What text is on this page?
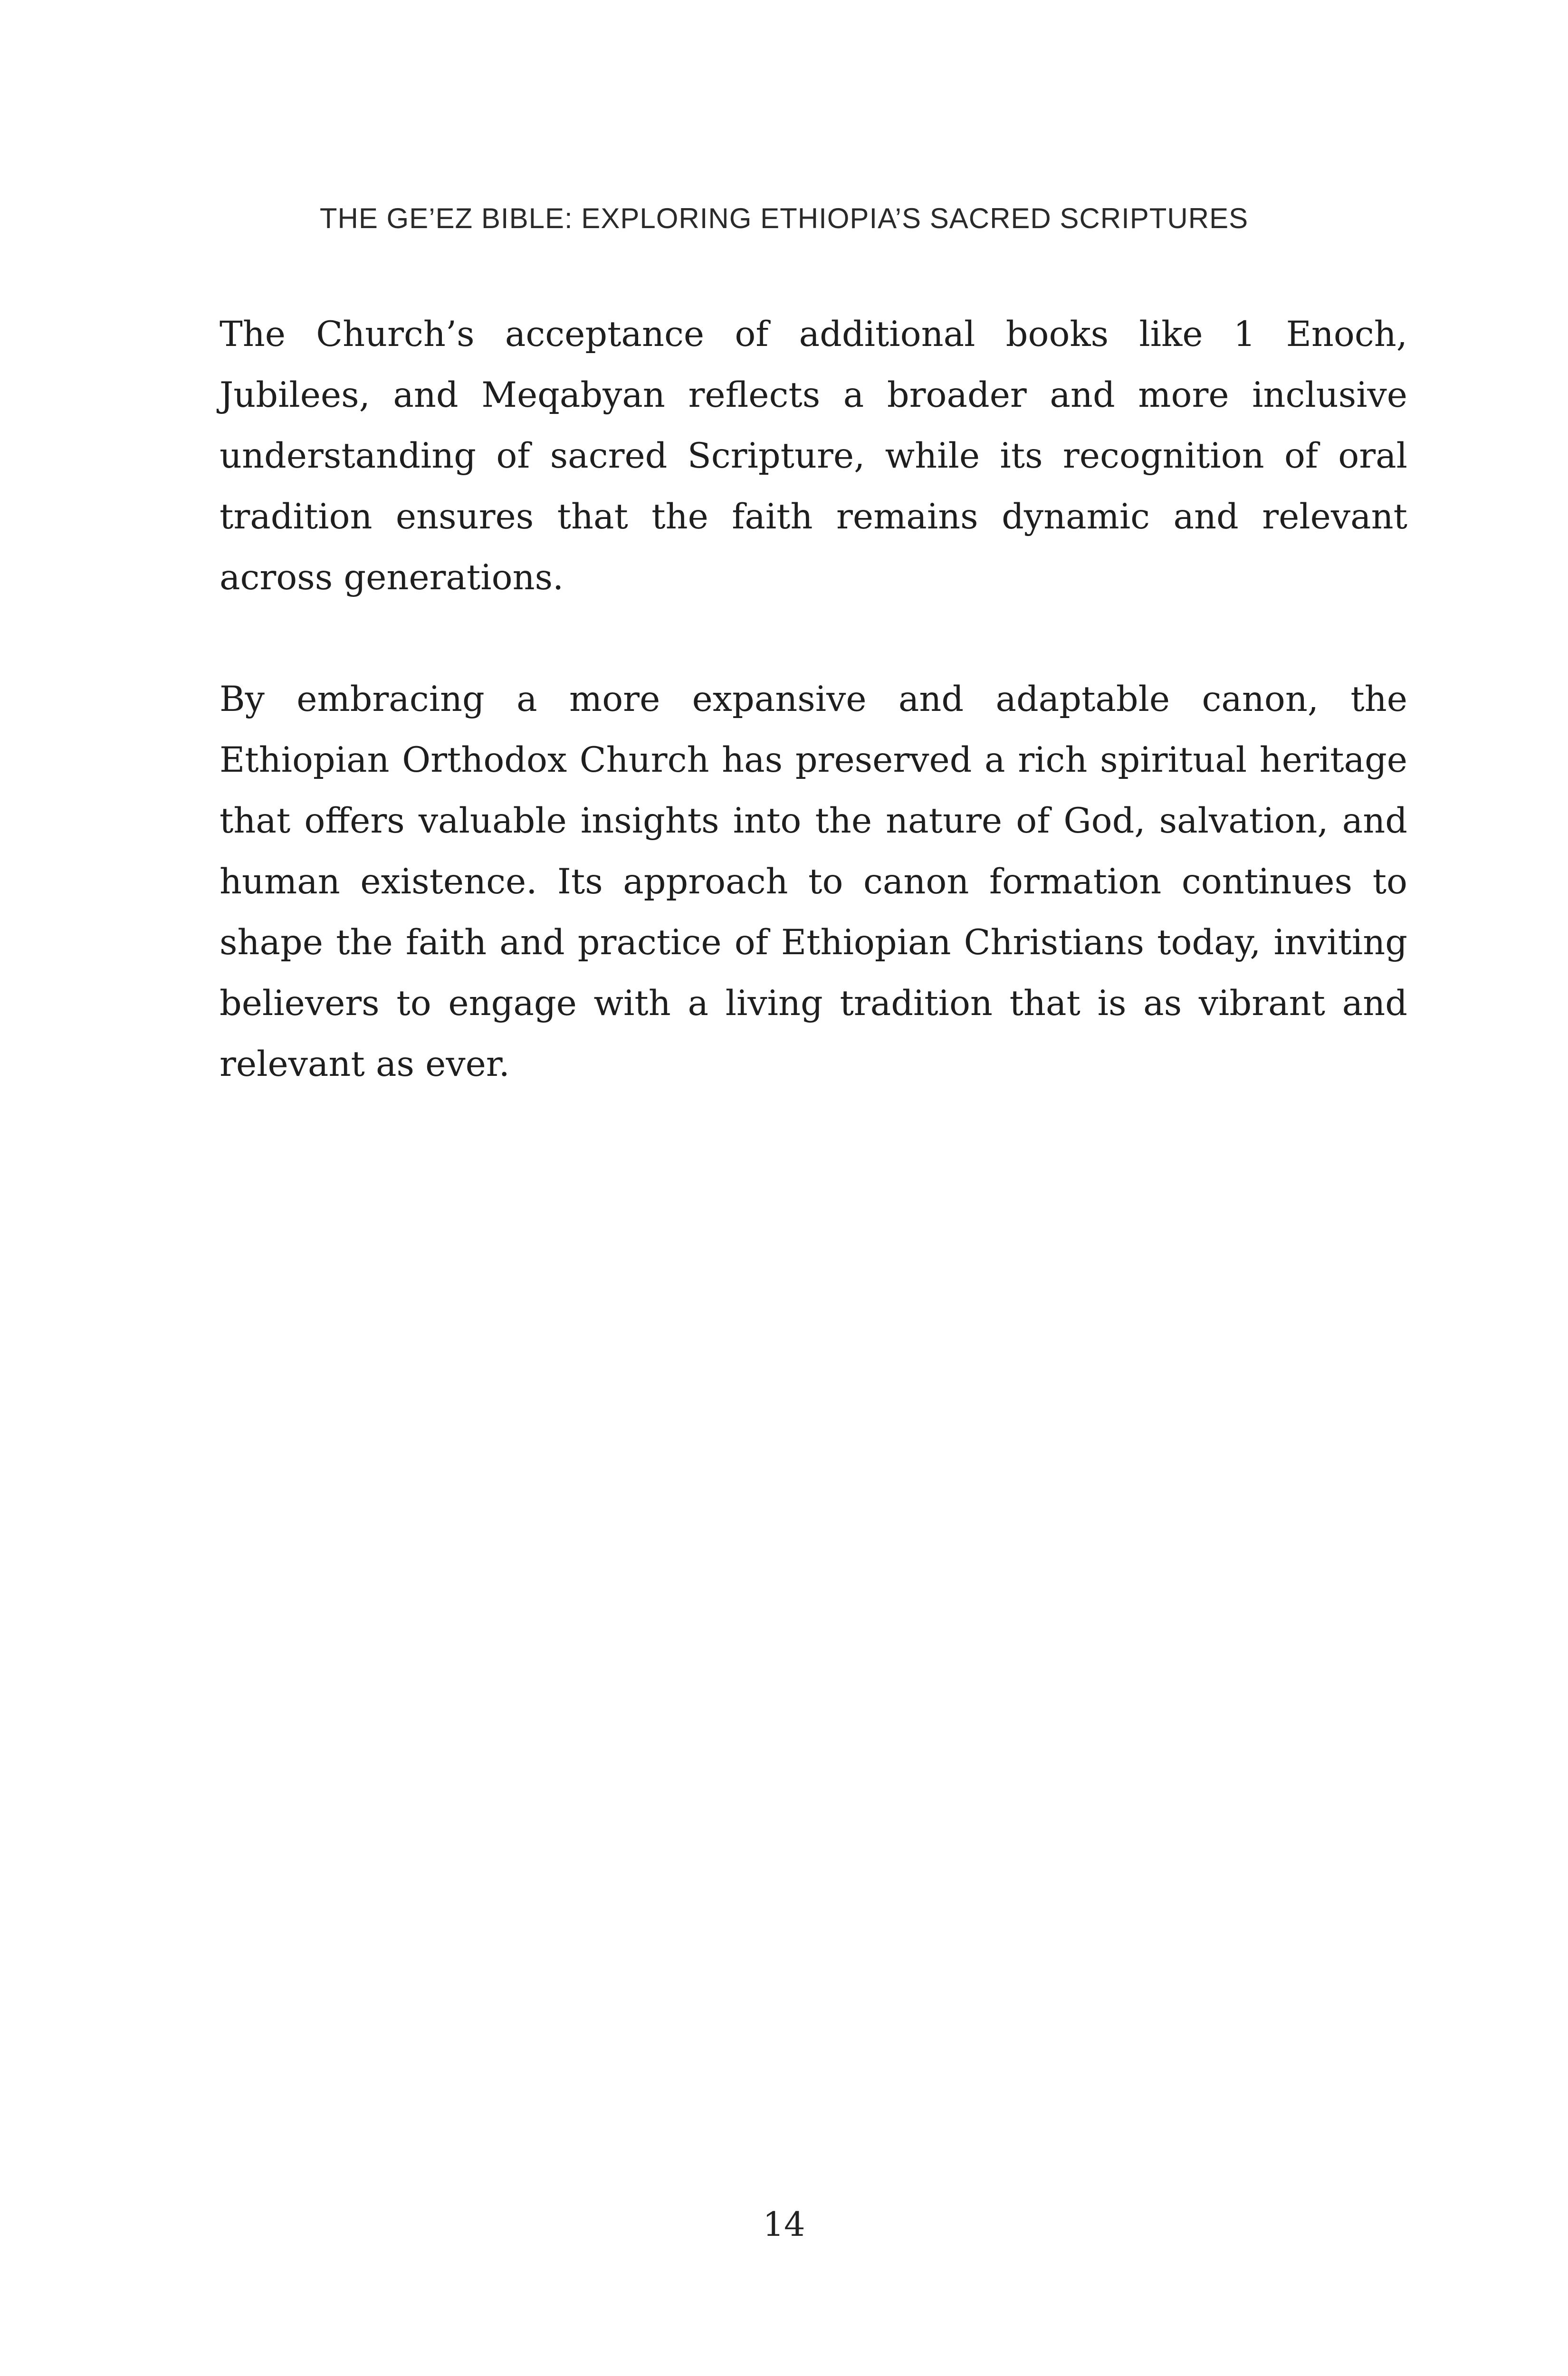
THE GE’EZ BIBLE: EXPLORING ETHIOPIA’S SACRED SCRIPTURES

The Church’s acceptance of additional books like 1 Enoch, Jubilees, and Meqabyan reflects a broader and more inclusive understanding of sacred Scripture, while its recognition of oral tradition ensures that the faith remains dynamic and relevant across generations.

By embracing a more expansive and adaptable canon, the Ethiopian Orthodox Church has preserved a rich spiritual heritage that offers valuable insights into the nature of God, salvation, and human existence. Its approach to canon formation continues to shape the faith and practice of Ethiopian Christians today, inviting believers to engage with a living tradition that is as vibrant and relevant as ever.

14
